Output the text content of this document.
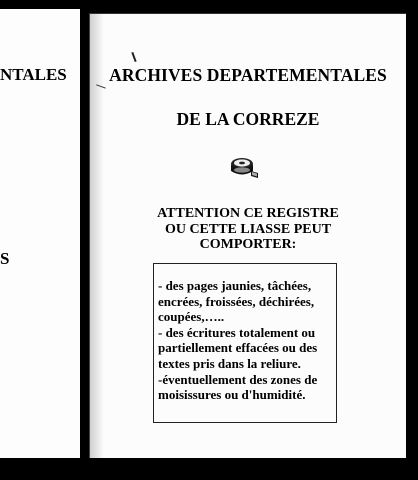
NTALES
S
ARCHIVES DEPARTEMENTALES
DE LA CORREZE
ATTENTION CE REGISTRE
OU CETTE LIASSE PEUT
COMPORTER:
- des pages jaunies, tâchées,
encrées, froissées, déchirées,
coupées,…..
- des écritures totalement ou
partiellement effacées ou des
textes pris dans la reliure.
-éventuellement des zones de
moisissures ou d'humidité.
